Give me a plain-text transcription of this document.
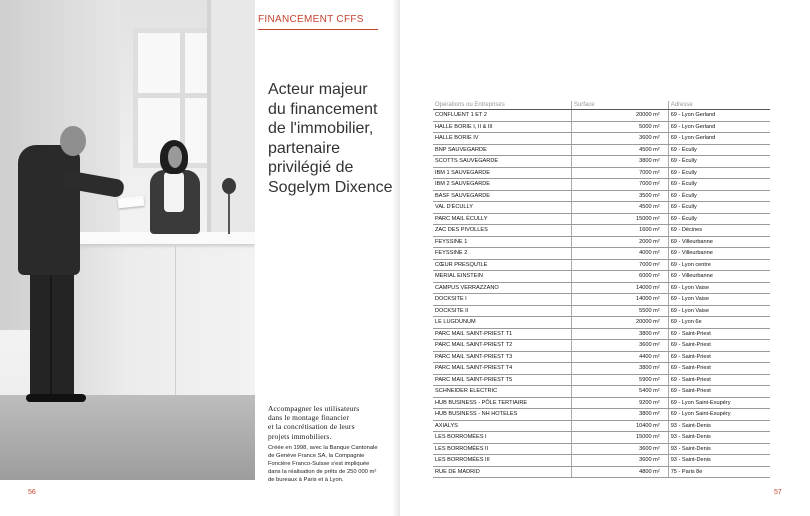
FINANCEMENT CFFS
Acteur majeur
du financement
de l'immobilier,
partenaire
privilégié de
Sogelym Dixence
Accompagner les utilisateurs
dans le montage financier
et la concrétisation de leurs
projets immobiliers.
Créée en 1998, avec la Banque Cantonale
de Genève France SA, la Compagnie
Foncière Franco-Suisse s'est impliquée
dans la réalisation de prêts de 250 000 m²
de bureaux à Paris et à Lyon.
56
Opérations ou Entreprises	Surface	Adresse
CONFLUENT 1 ET 2	20000 m²	69 - Lyon Gerland
HALLE BORIE I, II & III	5000 m²	69 - Lyon Gerland
HALLE BORIE IV	3600 m²	69 - Lyon Gerland
BNP SAUVEGARDE	4500 m²	69 - Écully
SCOTTS SAUVEGARDE	3800 m²	69 - Écully
IBM 1 SAUVEGARDE	7000 m²	69 - Écully
IBM 2 SAUVEGARDE	7000 m²	69 - Écully
BASF SAUVEGARDE	3500 m²	69 - Écully
VAL D'ÉCULLY	4500 m²	69 - Écully
PARC MAIL ÉCULLY	15000 m²	69 - Écully
ZAC DES PIVOLLES	1600 m²	69 - Décines
FEYSSINE 1	2000 m²	69 - Villeurbanne
FEYSSINE 2	4000 m²	69 - Villeurbanne
CŒUR PRESQU'ILE	7000 m²	69 - Lyon centre
MERIAL EINSTEIN	6000 m²	69 - Villeurbanne
CAMPUS VERRAZZANO	14000 m²	69 - Lyon Vaise
DOCKSITE I	14000 m²	69 - Lyon Vaise
DOCKSITE II	5500 m²	69 - Lyon Vaise
LE LUGDUNUM	20000 m²	69 - Lyon 6e
PARC MAIL SAINT-PRIEST T1	3800 m²	69 - Saint-Priest
PARC MAIL SAINT-PRIEST T2	3600 m²	69 - Saint-Priest
PARC MAIL SAINT-PRIEST T3	4400 m²	69 - Saint-Priest
PARC MAIL SAINT-PRIEST T4	3800 m²	69 - Saint-Priest
PARC MAIL SAINT-PRIEST T5	5900 m²	69 - Saint-Priest
SCHNEIDER ELECTRIC	5400 m²	69 - Saint-Priest
HUB BUSINESS - PÔLE TERTIAIRE	9200 m²	69 - Lyon Saint-Exupéry
HUB BUSINESS - NH HOTELES	3800 m²	69 - Lyon Saint-Exupéry
AXIALYS	10400 m²	93 - Saint-Denis
LES BORROMÉES I	15000 m²	93 - Saint-Denis
LES BORROMÉES II	3600 m²	93 - Saint-Denis
LES BORROMÉES III	3600 m²	93 - Saint-Denis
RUE DE MADRID	4800 m²	75 - Paris 8e
57
